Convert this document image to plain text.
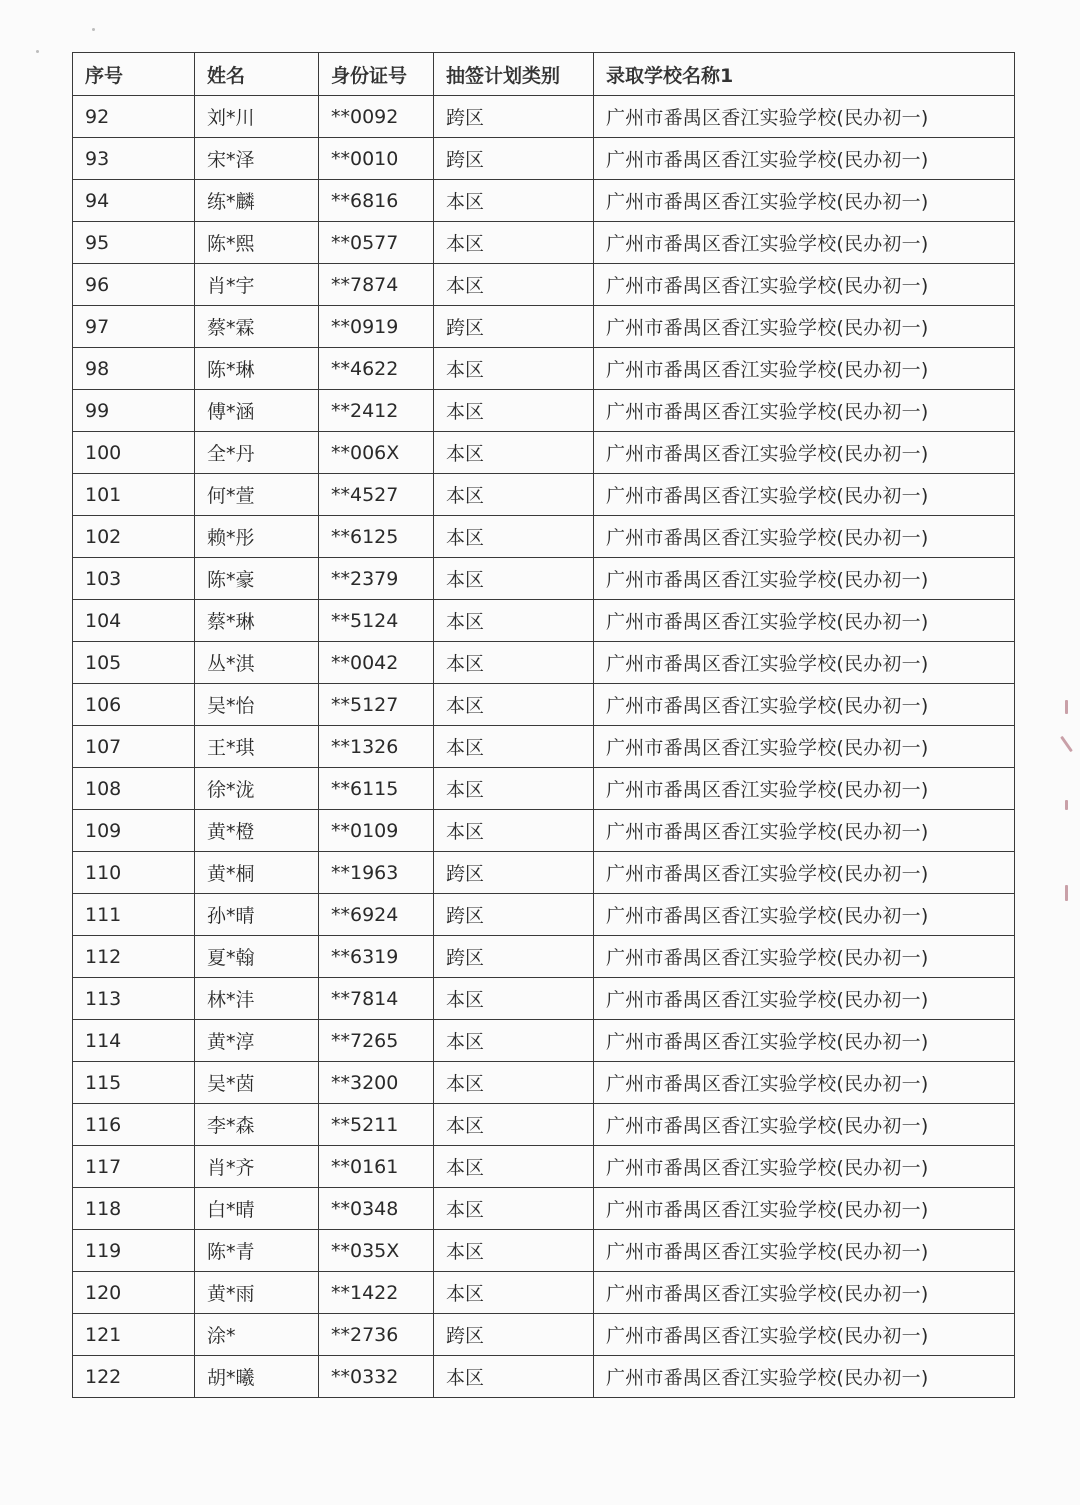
序号	姓名	身份证号	抽签计划类别	录取学校名称1
92	刘*川	**0092	跨区	广州市番禺区香江实验学校(民办初一)
93	宋*泽	**0010	跨区	广州市番禺区香江实验学校(民办初一)
94	练*麟	**6816	本区	广州市番禺区香江实验学校(民办初一)
95	陈*熙	**0577	本区	广州市番禺区香江实验学校(民办初一)
96	肖*宇	**7874	本区	广州市番禺区香江实验学校(民办初一)
97	蔡*霖	**0919	跨区	广州市番禺区香江实验学校(民办初一)
98	陈*琳	**4622	本区	广州市番禺区香江实验学校(民办初一)
99	傅*涵	**2412	本区	广州市番禺区香江实验学校(民办初一)
100	全*丹	**006X	本区	广州市番禺区香江实验学校(民办初一)
101	何*萱	**4527	本区	广州市番禺区香江实验学校(民办初一)
102	赖*彤	**6125	本区	广州市番禺区香江实验学校(民办初一)
103	陈*豪	**2379	本区	广州市番禺区香江实验学校(民办初一)
104	蔡*琳	**5124	本区	广州市番禺区香江实验学校(民办初一)
105	丛*淇	**0042	本区	广州市番禺区香江实验学校(民办初一)
106	吴*怡	**5127	本区	广州市番禺区香江实验学校(民办初一)
107	王*琪	**1326	本区	广州市番禺区香江实验学校(民办初一)
108	徐*泷	**6115	本区	广州市番禺区香江实验学校(民办初一)
109	黄*橙	**0109	本区	广州市番禺区香江实验学校(民办初一)
110	黄*桐	**1963	跨区	广州市番禺区香江实验学校(民办初一)
111	孙*晴	**6924	跨区	广州市番禺区香江实验学校(民办初一)
112	夏*翰	**6319	跨区	广州市番禺区香江实验学校(民办初一)
113	林*沣	**7814	本区	广州市番禺区香江实验学校(民办初一)
114	黄*淳	**7265	本区	广州市番禺区香江实验学校(民办初一)
115	吴*茵	**3200	本区	广州市番禺区香江实验学校(民办初一)
116	李*森	**5211	本区	广州市番禺区香江实验学校(民办初一)
117	肖*齐	**0161	本区	广州市番禺区香江实验学校(民办初一)
118	白*晴	**0348	本区	广州市番禺区香江实验学校(民办初一)
119	陈*青	**035X	本区	广州市番禺区香江实验学校(民办初一)
120	黄*雨	**1422	本区	广州市番禺区香江实验学校(民办初一)
121	涂*	**2736	跨区	广州市番禺区香江实验学校(民办初一)
122	胡*曦	**0332	本区	广州市番禺区香江实验学校(民办初一)
